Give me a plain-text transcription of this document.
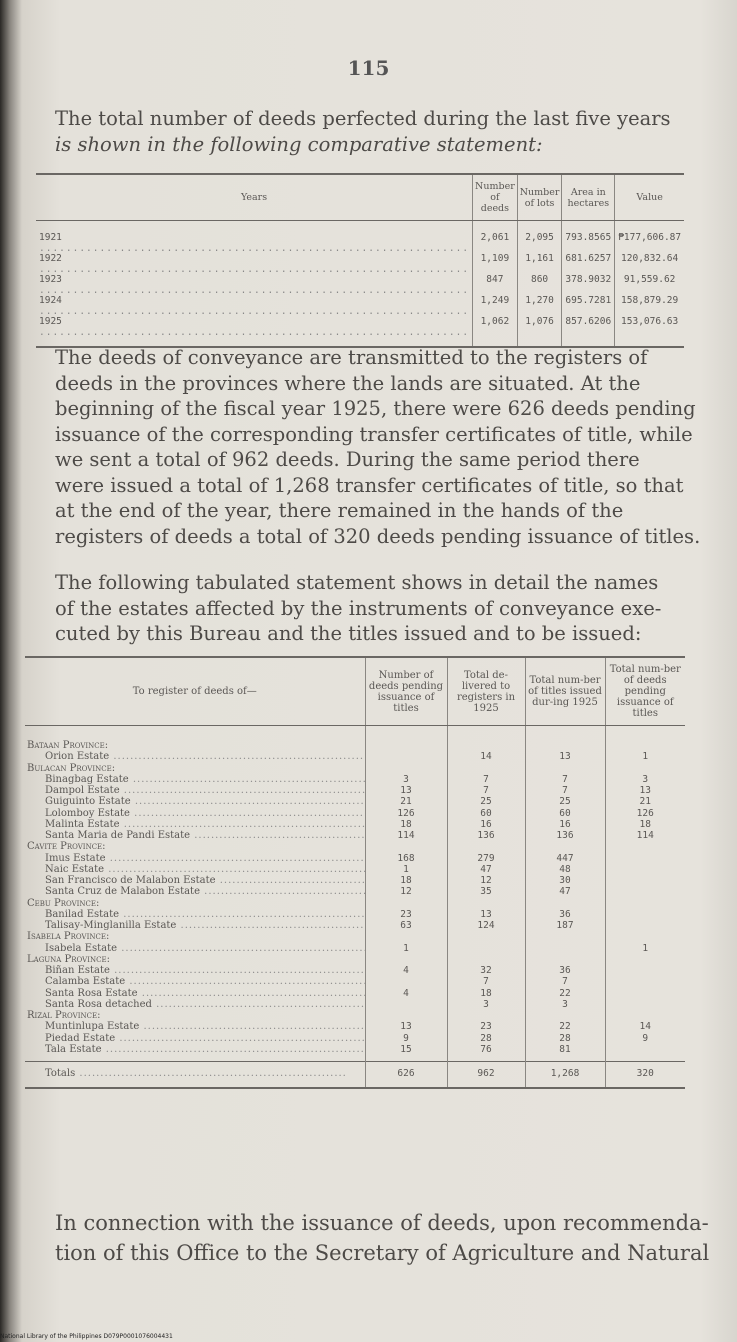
115
The total number of deeds perfected during the last five years
is shown in the following comparative statement:
Years	Number of deeds	Number of lots	Area in hectares	Value
1921 .....	2,061	2,095	793.8565	₱177,606.87
1922 .....	1,109	1,161	681.6257	120,832.64
1923 .....	847	860	378.9032	91,559.62
1924 .....	1,249	1,270	695.7281	158,879.29
1925 .....	1,062	1,076	857.6206	153,076.63
The deeds of conveyance are transmitted to the registers of
deeds in the provinces where the lands are situated. At the
beginning of the fiscal year 1925, there were 626 deeds pending
issuance of the corresponding transfer certificates of title, while
we sent a total of 962 deeds. During the same period there
were issued a total of 1,268 transfer certificates of title, so that
at the end of the year, there remained in the hands of the
registers of deeds a total of 320 deeds pending issuance of titles.
The following tabulated statement shows in detail the names
of the estates affected by the instruments of conveyance exe-
cuted by this Bureau and the titles issued and to be issued:
To register of deeds of—	Number of deeds pending issuance of titles	Total de-livered to registers in 1925	Total num-ber of titles issued dur-ing 1925	Total num-ber of deeds pending issuance of titles
Bataan Province:				
Orion Estate .....		14	13	1
Bulacan Province:				
Binagbag Estate .....	3	7	7	3
Dampol Estate .....	13	7	7	13
Guiguinto Estate .....	21	25	25	21
Lolomboy Estate .....	126	60	60	126
Malinta Estate .....	18	16	16	18
Santa Maria de Pandi Estate .....	114	136	136	114
Cavite Province:				
Imus Estate .....	168	279	447	
Naic Estate .....	1	47	48	
San Francisco de Malabon Estate .....	18	12	30	
Santa Cruz de Malabon Estate .....	12	35	47	
Cebu Province:				
Banilad Estate .....	23	13	36	
Talisay-Minglanilla Estate .....	63	124	187	
Isabela Province:				
Isabela Estate .....	1			1
Laguna Province:				
Biñan Estate .....	4	32	36	
Calamba Estate .....		7	7	
Santa Rosa Estate .....	4	18	22	
Santa Rosa detached .....		3	3	
Rizal Province:				
Muntinlupa Estate .....	13	23	22	14
Piedad Estate .....	9	28	28	9
Tala Estate .....	15	76	81	
Totals .....	626	962	1,268	320
In connection with the issuance of deeds, upon recommenda-
tion of this Office to the Secretary of Agriculture and Natural
National Library of the Philippines D079P0001076004431
